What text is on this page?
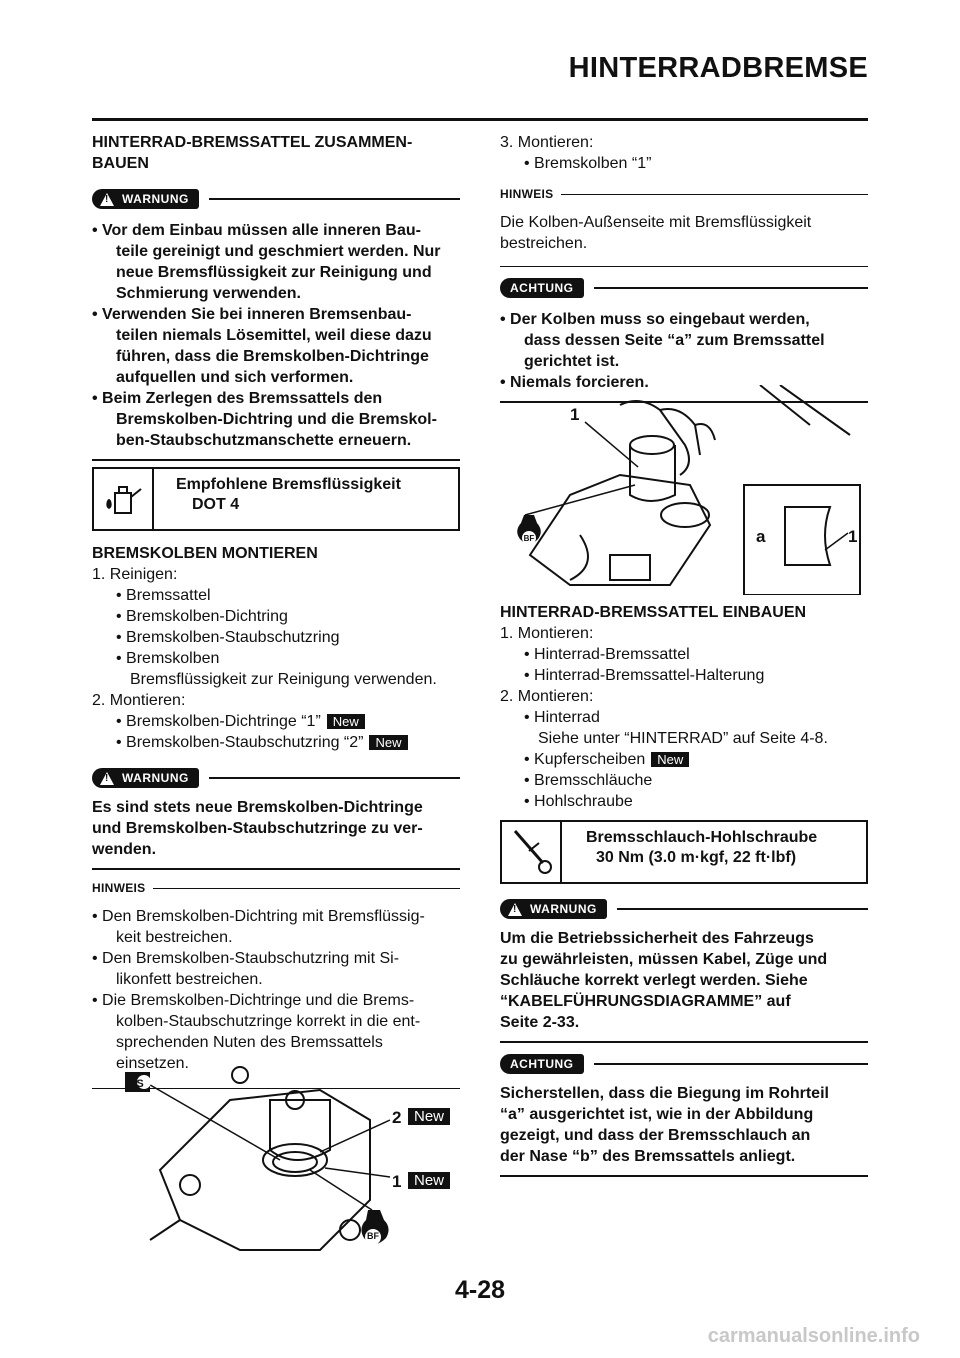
HINTERRADBREMSE
HINTERRAD-BREMSSATTEL ZUSAMMEN-
BAUEN
! WARNUNG
• Vor dem Einbau müssen alle inneren Bau-
teile gereinigt und geschmiert werden. Nur
neue Bremsflüssigkeit zur Reinigung und
Schmierung verwenden.
• Verwenden Sie bei inneren Bremsenbau-
teilen niemals Lösemittel, weil diese dazu
führen, dass die Bremskolben-Dichtringe
aufquellen und sich verformen.
• Beim Zerlegen des Bremssattels den
Bremskolben-Dichtring und die Bremskol-
ben-Staubschutzmanschette erneuern.
Empfohlene Bremsflüssigkeit
DOT 4
BREMSKOLBEN MONTIEREN
1. Reinigen:
• Bremssattel
• Bremskolben-Dichtring
• Bremskolben-Staubschutzring
• Bremskolben
Bremsflüssigkeit zur Reinigung verwenden.
2. Montieren:
• Bremskolben-Dichtringe “1” New
• Bremskolben-Staubschutzring “2” New
! WARNUNG
Es sind stets neue Bremskolben-Dichtringe
und Bremskolben-Staubschutzringe zu ver-
wenden.
HINWEIS
• Den Bremskolben-Dichtring mit Bremsflüssig-
keit bestreichen.
• Den Bremskolben-Staubschutzring mit Si-
likonfett bestreichen.
• Die Bremskolben-Dichtringe und die Brems-
kolben-Staubschutzringe korrekt in die ent-
sprechenden Nuten des Bremssattels
einsetzen.
S
BF
2 New
1 New
3. Montieren:
• Bremskolben “1”
HINWEIS
Die Kolben-Außenseite mit Bremsflüssigkeit
bestreichen.
ACHTUNG
• Der Kolben muss so eingebaut werden,
dass dessen Seite “a” zum Bremssattel
gerichtet ist.
• Niemals forcieren.
1
a	1
BF
HINTERRAD-BREMSSATTEL EINBAUEN
1. Montieren:
• Hinterrad-Bremssattel
• Hinterrad-Bremssattel-Halterung
2. Montieren:
• Hinterrad
Siehe unter “HINTERRAD” auf Seite 4-8.
• Kupferscheiben New
• Bremsschläuche
• Hohlschraube
Bremsschlauch-Hohlschraube
30 Nm (3.0 m·kgf, 22 ft·lbf)
! WARNUNG
Um die Betriebssicherheit des Fahrzeugs
zu gewährleisten, müssen Kabel, Züge und
Schläuche korrekt verlegt werden. Siehe
“KABELFÜHRUNGSDIAGRAMME” auf
Seite 2-33.
ACHTUNG
Sicherstellen, dass die Biegung im Rohrteil
“a” ausgerichtet ist, wie in der Abbildung
gezeigt, und dass der Bremsschlauch an
der Nase “b” des Bremssattels anliegt.
4-28
carmanualsonline.info
